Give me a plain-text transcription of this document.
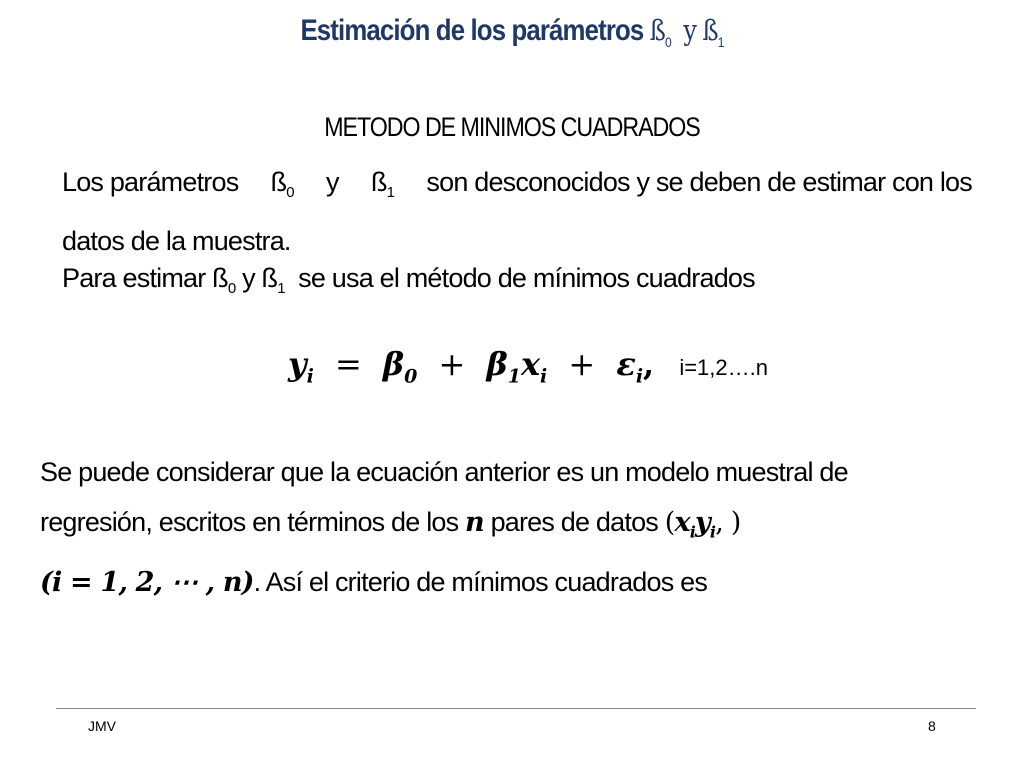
Estimación de los parámetros $ß_0$ y $ß_1$
METODO DE MINIMOS CUADRADOS
Los parámetros $ß_0$ y $ß_1$ son desconocidos y se deben de estimar con los
datos de la muestra.
Para estimar $ß_0$ y $ß_1$ se usa el método de mínimos cuadrados
$y_i = \beta_0 + \beta_1x_i + \varepsilon_i$, i=1,2….n
Se puede considerar que la ecuación anterior es un modelo muestral de
regresión, escritos en términos de los n pares de datos ($x_iy_i$, )
(i = 1, 2, ⋯ , n). Así el criterio de mínimos cuadrados es
JMV	8
